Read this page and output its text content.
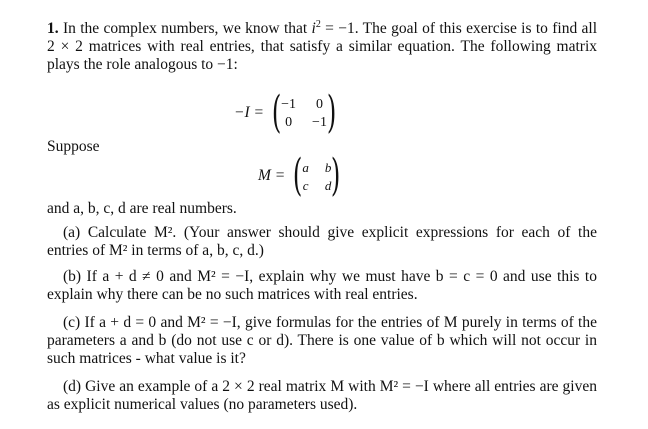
1. In the complex numbers, we know that $i^2 = -1$. The goal of this exercise is to find all 2 × 2 matrices with real entries, that satisfy a similar equation. The following matrix plays the role analogous to −1:

−I = ( −1 0
0 −1 )

Suppose

M = ( a b
c d )

and a, b, c, d are real numbers.

(a) Calculate M². (Your answer should give explicit expressions for each of the entries of M² in terms of a, b, c, d.)

(b) If a + d ≠ 0 and M² = −I, explain why we must have b = c = 0 and use this to explain why there can be no such matrices with real entries.

(c) If a + d = 0 and M² = −I, give formulas for the entries of M purely in terms of the parameters a and b (do not use c or d). There is one value of b which will not occur in such matrices - what value is it?

(d) Give an example of a 2 × 2 real matrix M with M² = −I where all entries are given as explicit numerical values (no parameters used).
